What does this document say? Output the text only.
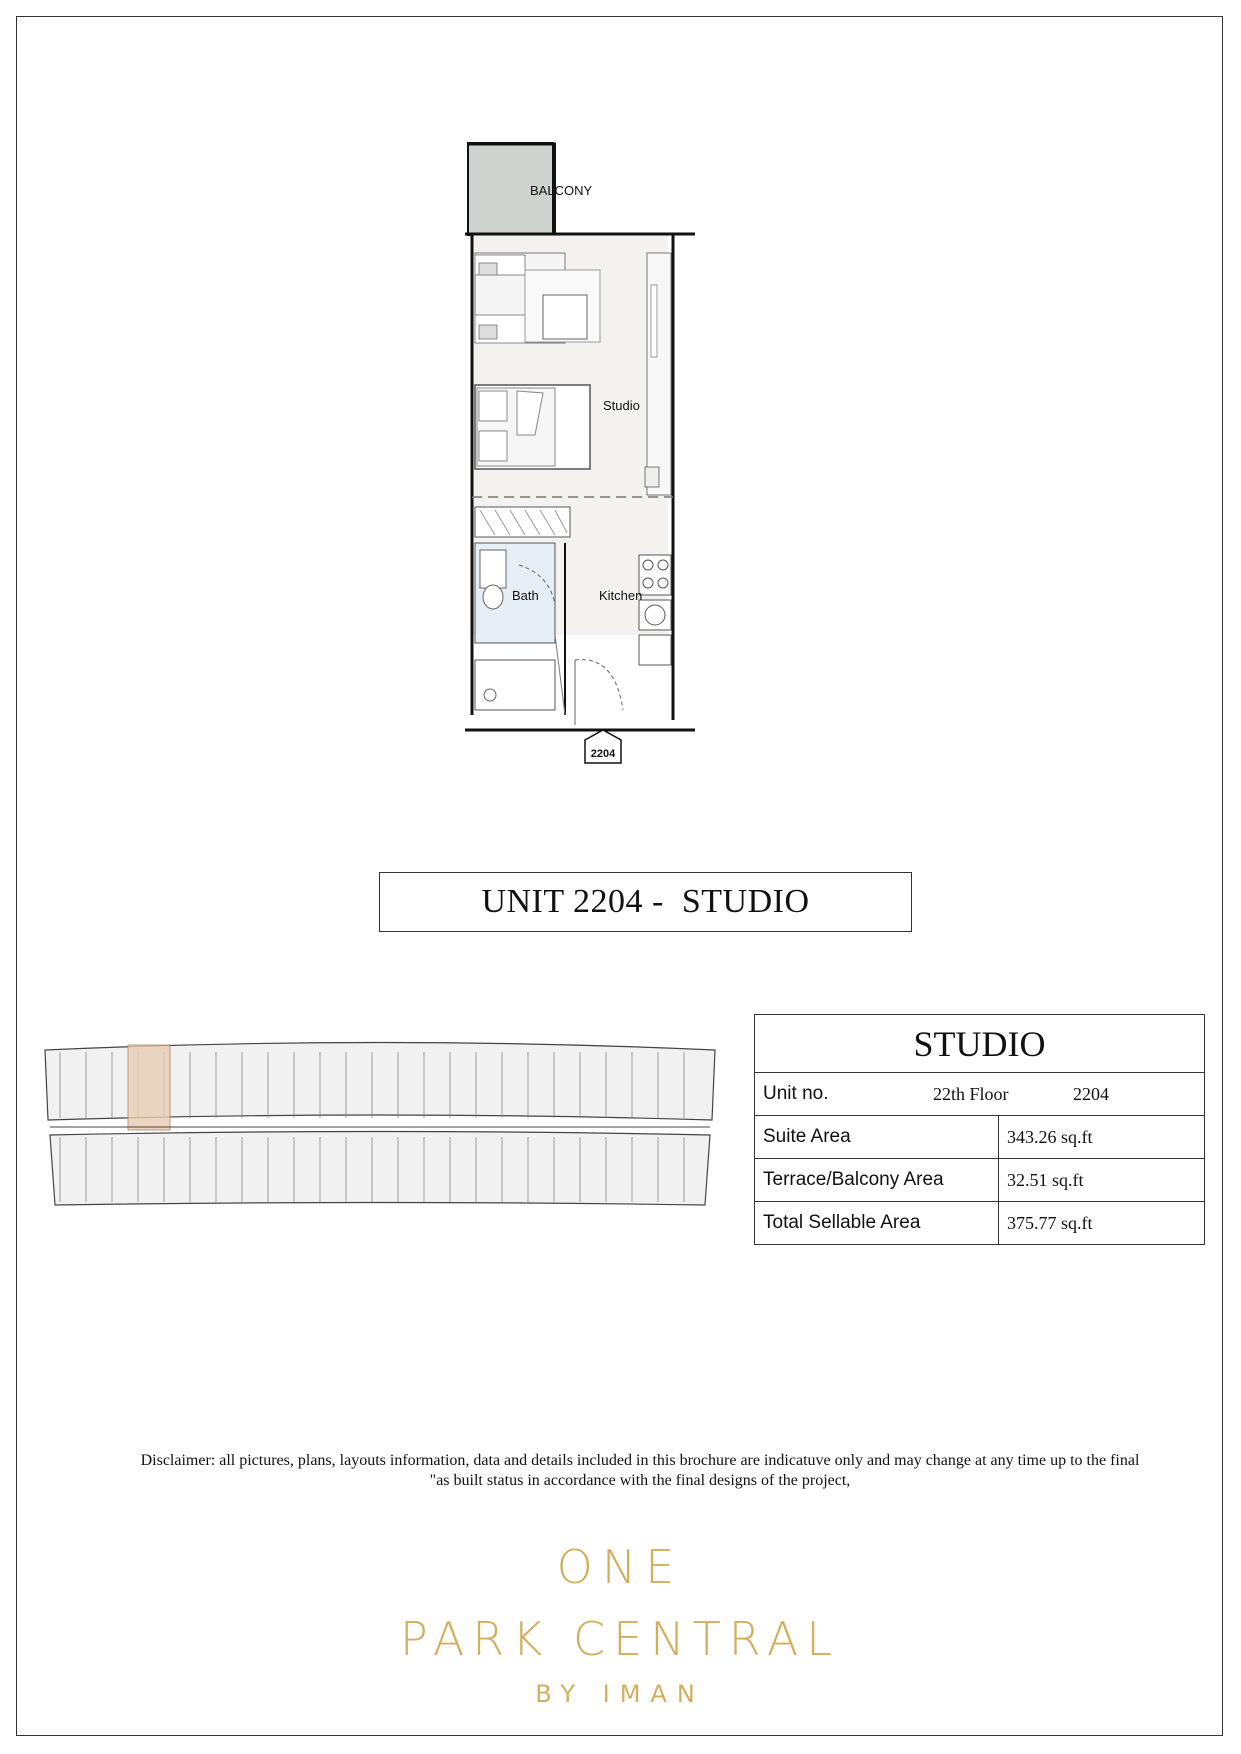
BALCONY
Studio
Bath	Kitchen
2204
UNIT 2204 -  STUDIO
STUDIO	

Unit no. 22th Floor 2204	

Suite Area	343.26 sq.ft
Terrace/Balcony Area	32.51 sq.ft
Total Sellable Area	375.77 sq.ft
Disclaimer: all pictures, plans, layouts information, data and details included in this brochure are indicatuve only and may change at any time up to the final
"as built status in accordance with the final designs of the project,
ONE
PARK CENTRAL
BY IMAN
